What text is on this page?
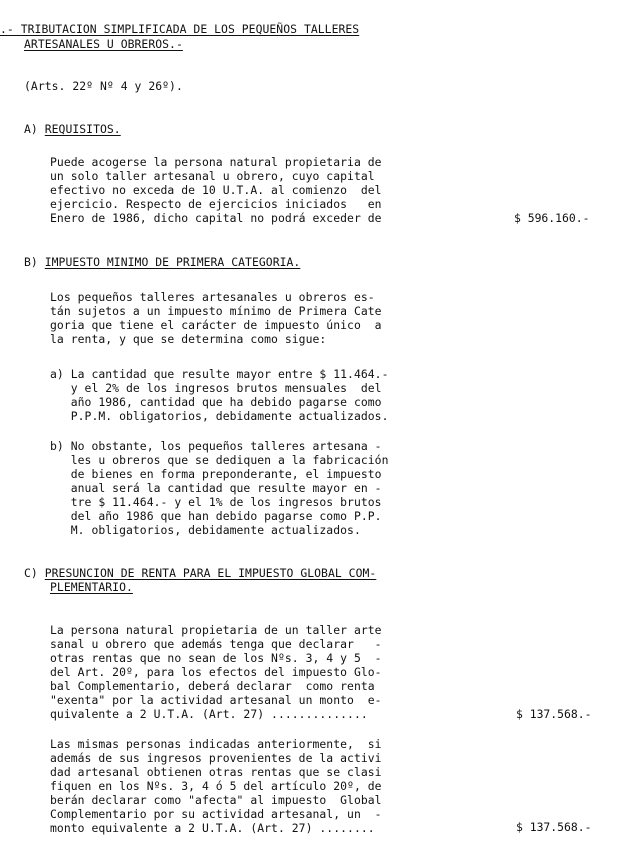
.- TRIBUTACION SIMPLIFICADA DE LOS PEQUEÑOS TALLERES
ARTESANALES U OBREROS.-
(Arts. 22º Nº 4 y 26º).
A) REQUISITOS.
Puede acogerse la persona natural propietaria de
un solo taller artesanal u obrero, cuyo capital
efectivo no exceda de 10 U.T.A. al comienzo  del
ejercicio. Respecto de ejercicios iniciados   en
Enero de 1986, dicho capital no podrá exceder de	$ 596.160.-
B) IMPUESTO MINIMO DE PRIMERA CATEGORIA.
Los pequeños talleres artesanales u obreros es-
tán sujetos a un impuesto mínimo de Primera Cate
goria que tiene el carácter de impuesto único  a
la renta, y que se determina como sigue:
a) La cantidad que resulte mayor entre $ 11.464.-
y el 2% de los ingresos brutos mensuales  del
año 1986, cantidad que ha debido pagarse como
P.P.M. obligatorios, debidamente actualizados.
b) No obstante, los pequeños talleres artesana -
les u obreros que se dediquen a la fabricación
de bienes en forma preponderante, el impuesto
anual será la cantidad que resulte mayor en -
tre $ 11.464.- y el 1% de los ingresos brutos
del año 1986 que han debido pagarse como P.P.
M. obligatorios, debidamente actualizados.
C) PRESUNCION DE RENTA PARA EL IMPUESTO GLOBAL COM-
PLEMENTARIO.
La persona natural propietaria de un taller arte
sanal u obrero que además tenga que declarar   -
otras rentas que no sean de los Nºs. 3, 4 y 5  -
del Art. 20º, para los efectos del impuesto Glo-
bal Complementario, deberá declarar  como renta
"exenta" por la actividad artesanal un monto  e-
quivalente a 2 U.T.A. (Art. 27) ..............	$ 137.568.-
Las mismas personas indicadas anteriormente,  si
además de sus ingresos provenientes de la activi
dad artesanal obtienen otras rentas que se clasi
fiquen en los Nºs. 3, 4 ó 5 del artículo 20º, de
berán declarar como "afecta" al impuesto  Global
Complementario por su actividad artesanal, un  -
monto equivalente a 2 U.T.A. (Art. 27) ........	$ 137.568.-
